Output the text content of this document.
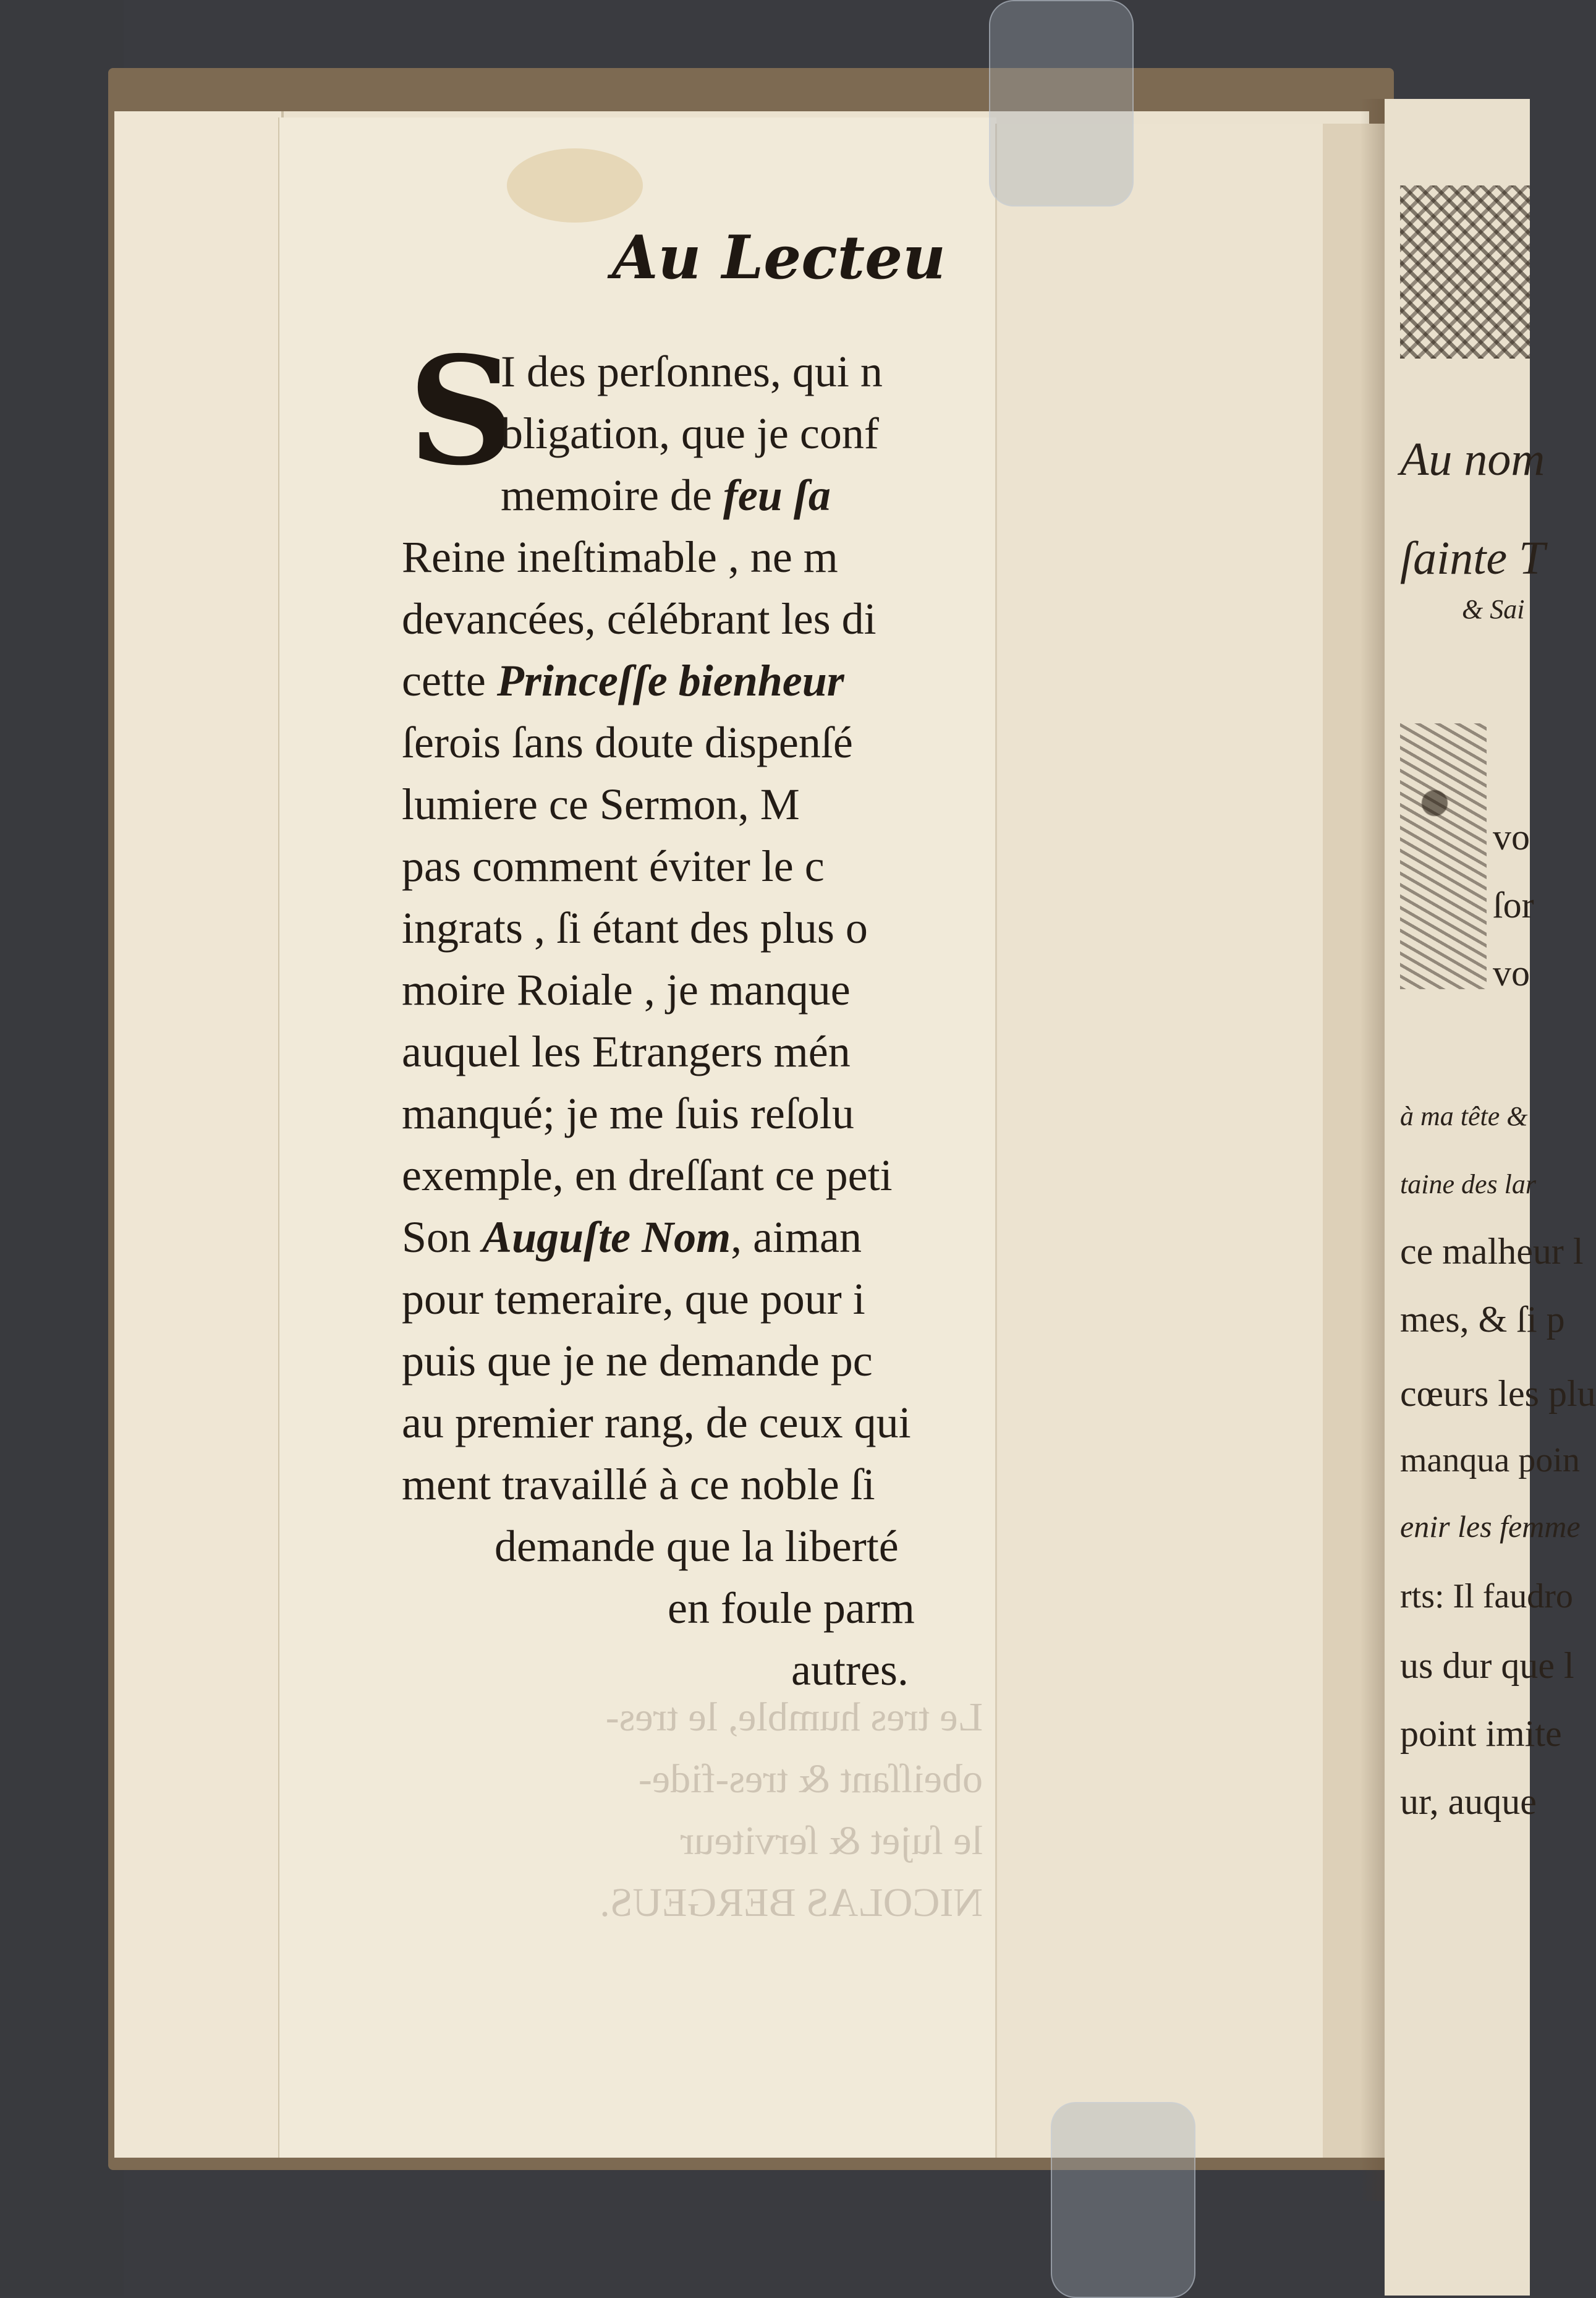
Au Lecteu
S
I des perſonnes, qui n
bligation, que je conf
memoire de feu ſa
Reine ineſtimable , ne m
devancées, célébrant les di
cette Princeſſe bienheur
ſerois ſans doute dispenſé
lumiere ce Sermon, M
pas comment éviter le c
ingrats , ſi étant des plus o
moire Roiale , je manque
auquel les Etrangers mén
manqué; je me ſuis reſolu
exemple, en dreſſant ce peti
Son Auguſte Nom, aiman
pour temeraire, que pour i
puis que je ne demande pc
au premier rang, de ceux qui
ment travaillé à ce noble ſi
demande que la liberté
en foule parm
autres.
Le tres humble, le tres-
obeiſſant & tres-fide-
le ſujet & ſerviteur
NICOLAS BERGEUS.
Au nom
ſainte T
& Sai
vo
ſor
vo
à ma tête &
taine des lar
ce malheur l
mes, & ſi p
cœurs les plu
manqua poin
enir les femme
rts: Il faudro
us dur que l
point imite
ur, auque
